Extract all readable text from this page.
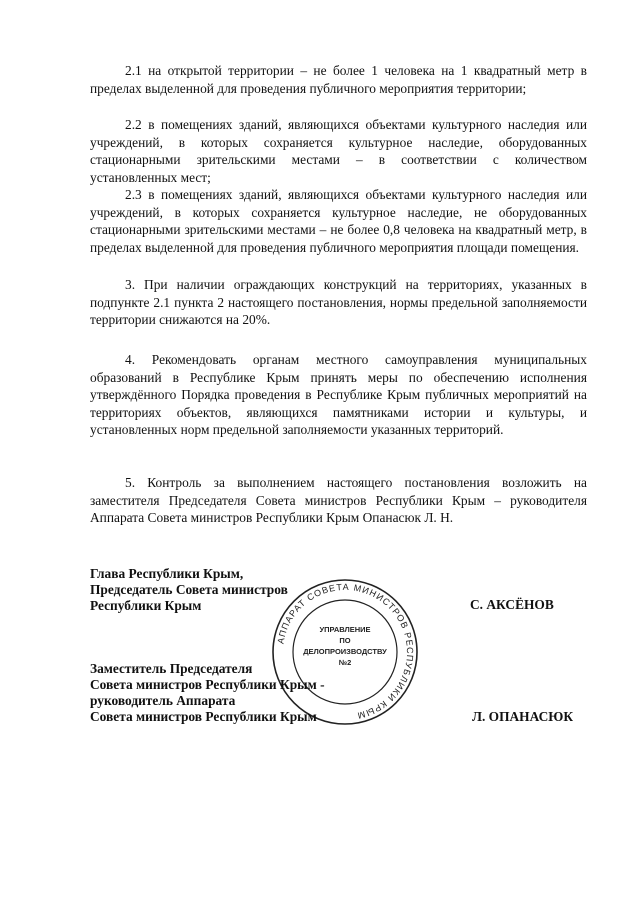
2.1 на открытой территории – не более 1 человека на 1 квадратный метр в пределах выделенной для проведения публичного мероприятия территории;

2.2 в помещениях зданий, являющихся объектами культурного наследия или учреждений, в которых сохраняется культурное наследие, оборудованных стационарными зрительскими местами – в соответствии с количеством установленных мест;

2.3 в помещениях зданий, являющихся объектами культурного наследия или учреждений, в которых сохраняется культурное наследие, не оборудованных стационарными зрительскими местами – не более 0,8 человека на квадратный метр, в пределах выделенной для проведения публичного мероприятия площади помещения.

3. При наличии ограждающих конструкций на территориях, указанных в подпункте 2.1 пункта 2 настоящего постановления, нормы предельной заполняемости территории снижаются на 20%.

4. Рекомендовать органам местного самоуправления муниципальных образований в Республике Крым принять меры по обеспечению исполнения утверждённого Порядка проведения в Республике Крым публичных мероприятий на территориях объектов, являющихся памятниками истории и культуры, и установленных норм предельной заполняемости указанных территорий.

5. Контроль за выполнением настоящего постановления возложить на заместителя Председателя Совета министров Республики Крым – руководителя Аппарата Совета министров Республики Крым Опанасюк Л. Н.

Глава Республики Крым,
Председатель Совета министров
Республики Крым	С. АКСЁНОВ
АППАРАТ СОВЕТА МИНИСТРОВ РЕСПУБЛИКИ КРЫМ
УПРАВЛЕНИЕ
ПО
ДЕЛОПРОИЗВОДСТВУ
№2
Заместитель Председателя
Совета министров Республики Крым -
руководитель Аппарата
Совета министров Республики Крым	Л. ОПАНАСЮК
